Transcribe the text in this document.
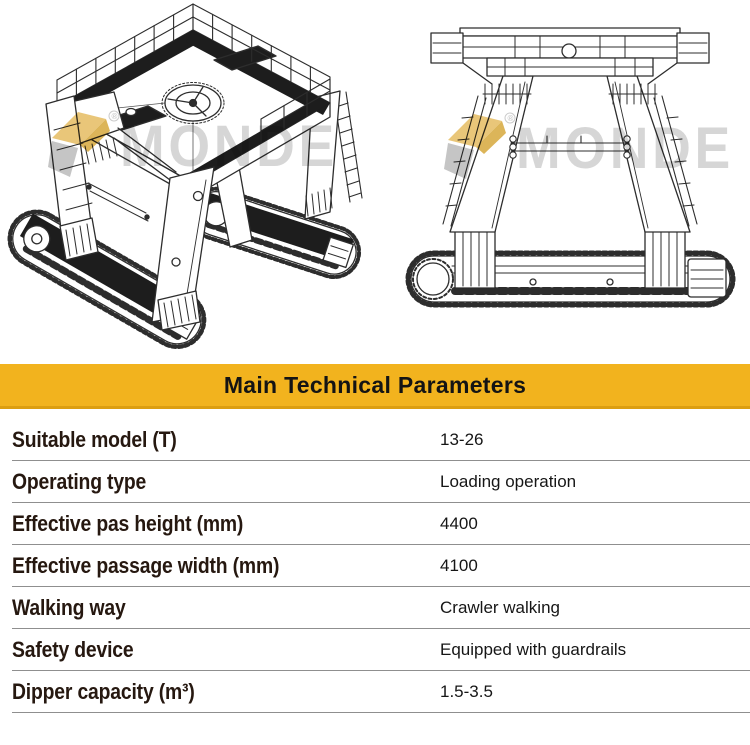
® MONDE	® MONDE
Main Technical Parameters
Suitable model (T)	13-26
Operating type	Loading operation
Effective pas height (mm)	4400
Effective passage width (mm)	4100
Walking way	Crawler walking
Safety device	Equipped with guardrails
Dipper capacity (m³)	1.5-3.5
